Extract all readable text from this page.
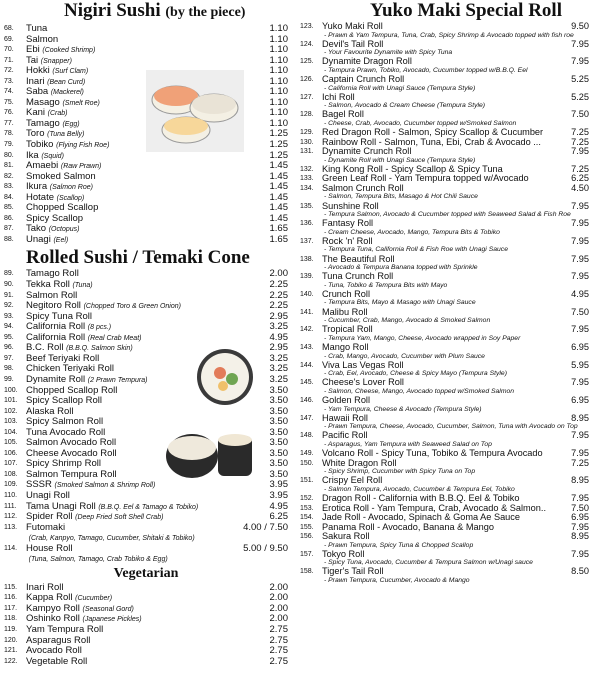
Nigiri Sushi (by the piece)
68. Tuna	1.10
69. Salmon	1.10
70. Ebi (Cooked Shrimp)	1.10
71. Tai (Snapper)	1.10
72. Hokki (Surf Clam)	1.10
73. Inari (Bean Curd)	1.10
74. Saba (Mackerel)	1.10
75. Masago (Smelt Roe)	1.10
76. Kani (Crab)	1.10
77. Tamago (Egg)	1.10
78. Toro (Tuna Belly)	1.25
79. Tobiko (Flying Fish Roe)	1.25
80. Ika (Squid)	1.25
81. Amaebi (Raw Prawn)	1.45
82. Smoked Salmon	1.45
83. Ikura (Salmon Roe)	1.45
84. Hotate (Scallop)	1.45
85. Chopped Scallop	1.45
86. Spicy Scallop	1.45
87. Tako (Octopus)	1.65
88. Unagi (Eel)	1.65
Rolled Sushi / Temaki Cone
89. Tamago Roll	2.00
90. Tekka Roll (Tuna)	2.25
91. Salmon Roll	2.25
92. Negitoro Roll (Chopped Toro & Green Onion)	2.25
93. Spicy Tuna Roll	2.95
94. California Roll (8 pcs.)	3.25
95. California Roll (Real Crab Meat)	4.95
96. B.C. Roll (B.B.Q. Salmon Skin)	2.95
97. Beef Teriyaki Roll	3.25
98. Chicken Teriyaki Roll	3.25
99. Dynamite Roll (2 Prawn Tempura)	3.25
100. Chopped Scallop Roll	3.50
101. Spicy Scallop Roll	3.50
102. Alaska Roll	3.50
103. Spicy Salmon Roll	3.50
104. Tuna Avocado Roll	3.50
105. Salmon Avocado Roll	3.50
106. Cheese Avocado Roll	3.50
107. Spicy Shrimp Roll	3.50
108. Salmon Tempura Roll	3.50
109. SSSR (Smoked Salmon & Shrimp Roll)	3.95
110. Unagi Roll	3.95
111. Tama Unagi Roll (B.B.Q. Eel & Tamago & Tobiko)	4.95
112. Spider Roll (Deep Fried Soft Shell Crab)	6.25
113. Futomaki	4.00 / 7.50
(Crab, Kanpyo, Tamago, Cucumber, Shitaki & Tobiko)
114. House Roll	5.00 / 9.50
(Tuna, Salmon, Tamago, Crab Tobiko & Egg)
Vegetarian
115. Inari Roll	2.00
116. Kappa Roll (Cucumber)	2.00
117. Kampyo Roll (Seasonal Gord)	2.00
118. Oshinko Roll (Japanese Pickles)	2.00
119. Yam Tempura Roll	2.75
120. Asparagus Roll	2.75
121. Avocado Roll	2.75
122. Vegetable Roll	2.75
Yuko Maki Special Roll
123. Yuko Maki Roll	9.50
- Prawn & Yam Tempura, Tuna, Crab, Spicy Shrimp & Avocado topped with fish roe
124. Devil's Tail Roll	7.95
- Your Favourite Dynamite with Spicy Tuna
125. Dynamite Dragon Roll	7.95
- Tempura Prawn, Tobiko, Avocado, Cucumber topped w/B.B.Q. Eel
126. Captain Crunch Roll	5.25
- California Roll with Unagi Sauce (Tempura Style)
127. Ichi Roll	5.25
- Salmon, Avocado & Cream Cheese (Tempura Style)
128. Bagel Roll	7.50
- Cheese, Crab, Avocado, Cucumber topped w/Smoked Salmon
129. Red Dragon Roll - Salmon, Spicy Scallop & Cucumber	7.25
130. Rainbow Roll - Salmon, Tuna, Ebi, Crab & Avocado ...	7.25
131. Dynamite Crunch Roll	7.95
- Dynamite Roll with Unagi Sauce (Tempura Style)
132. King Kong Roll - Spicy Scallop & Spicy Tuna	7.25
133. Green Leaf Roll - Yam Tempura topped w/Avocado	6.25
134. Salmon Crunch Roll	4.50
- Salmon, Tempura Bits, Masago & Hot Chili Sauce
135. Sunshine Roll	7.95
- Tempura Salmon, Avocado & Cucumber topped with Seaweed Salad & Fish Roe
136. Fantasy Roll	7.95
- Cream Cheese, Avocado, Mango, Tempura Bits & Tobiko
137. Rock 'n' Roll	7.95
- Tempura Tuna, California Roll & Fish Roe with Unagi Sauce
138. The Beautiful Roll	7.95
- Avocado & Tempura Banana topped with Sprinkle
139. Tuna Crunch Roll	7.95
- Tuna, Tobiko & Tempura Bits with Mayo
140. Crunch Roll	4.95
- Tempura Bits, Mayo & Masago with Unagi Sauce
141. Malibu Roll	7.50
- Cucumber, Crab, Mango, Avocado & Smoked Salmon
142. Tropical Roll	7.95
- Tempura Yam, Mango, Cheese, Avocado wrapped in Soy Paper
143. Mango Roll	6.95
- Crab, Mango, Avocado, Cucumber with Plum Sauce
144. Viva Las Vegas Roll	5.95
- Crab, Eel, Avocado, Cheese & Spicy Mayo (Tempura Style)
145. Cheese's Lover Roll	7.95
- Salmon, Cheese, Mango, Avocado topped w/Smoked Salmon
146. Golden Roll	6.95
- Yam Tempura, Cheese & Avocado (Tempura Style)
147. Hawaii Roll	8.95
- Prawn Tempura, Cheese, Avocado, Cucumber, Salmon, Tuna with Avocado on Top
148. Pacific Roll	7.95
- Asparagus, Yam Tempura with Seaweed Salad on Top
149. Volcano Roll - Spicy Tuna, Tobiko & Tempura Avocado	7.95
150. White Dragon Roll	7.25
- Spicy Shrimp, Cucumber with Spicy Tuna on Top
151. Crispy Eel Roll	8.95
- Salmon Tempura, Avocado, Cucumber & Tempura Eel, Tobiko
152. Dragon Roll - California with B.B.Q. Eel & Tobiko	7.95
153. Erotica Roll - Yam Tempura, Crab, Avocado & Salmon..	7.50
154. Jade Roll - Avocado, Spinach & Goma Ae Sauce	6.95
155. Panama Roll - Avocado, Banana & Mango	7.95
156. Sakura Roll	8.95
- Prawn Tempura, Spicy Tuna & Chopped Scallop
157. Tokyo Roll	7.95
- Spicy Tuna, Avocado, Cucumber & Tempura Salmon w/Unagi sauce
158. Tiger's Tail Roll	8.50
- Prawn Tempura, Cucumber, Avocado & Mango
